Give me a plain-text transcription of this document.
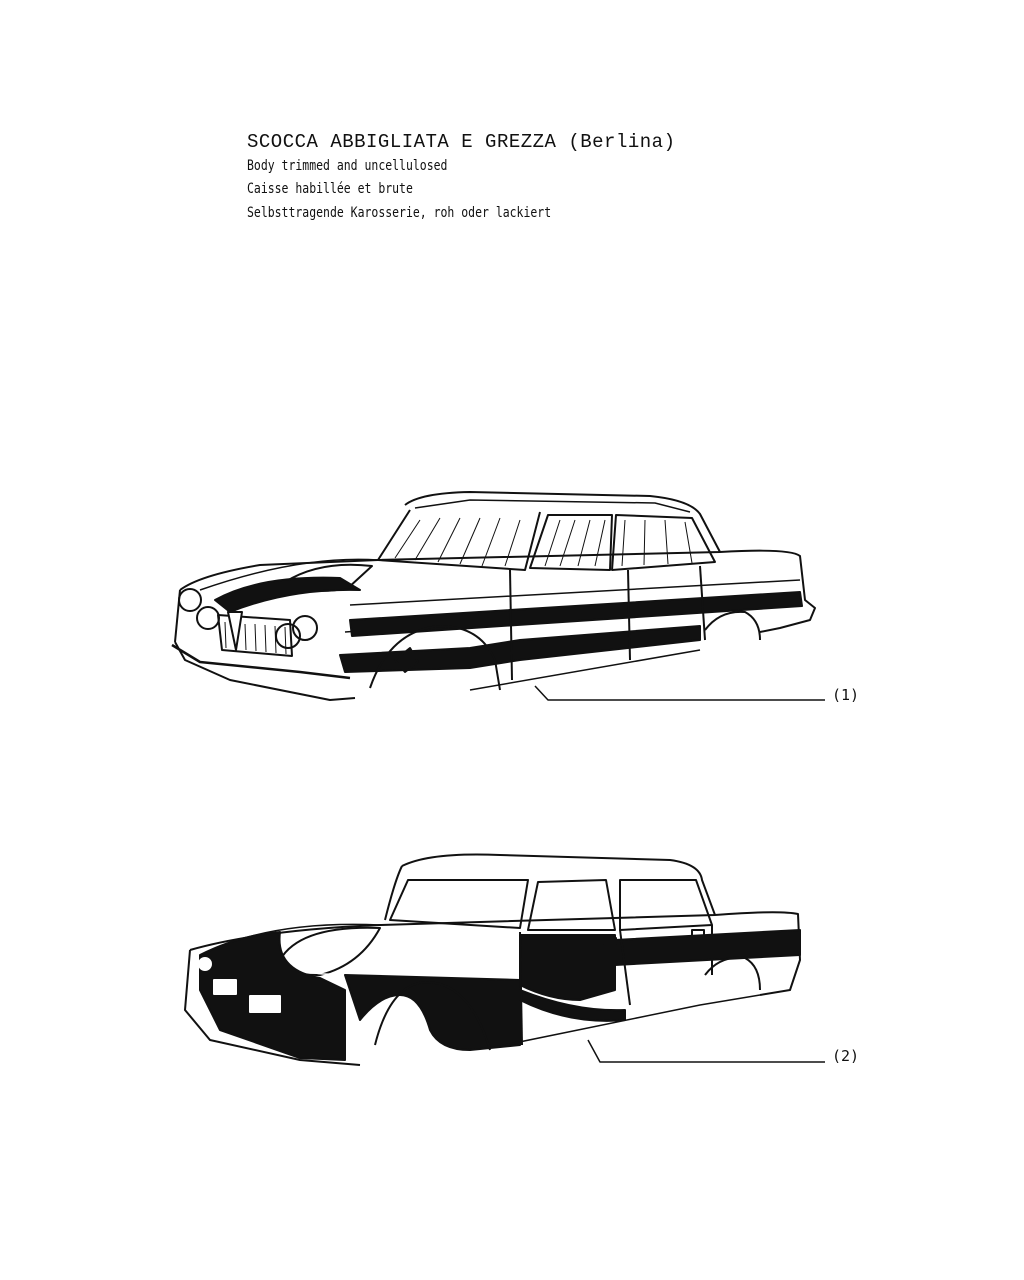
SCOCCA ABBIGLIATA E GREZZA (Berlina)
Body trimmed and uncellulosed
Caisse habillée et brute
Selbsttragende Karosserie, roh oder lackiert
(1)
(2)
